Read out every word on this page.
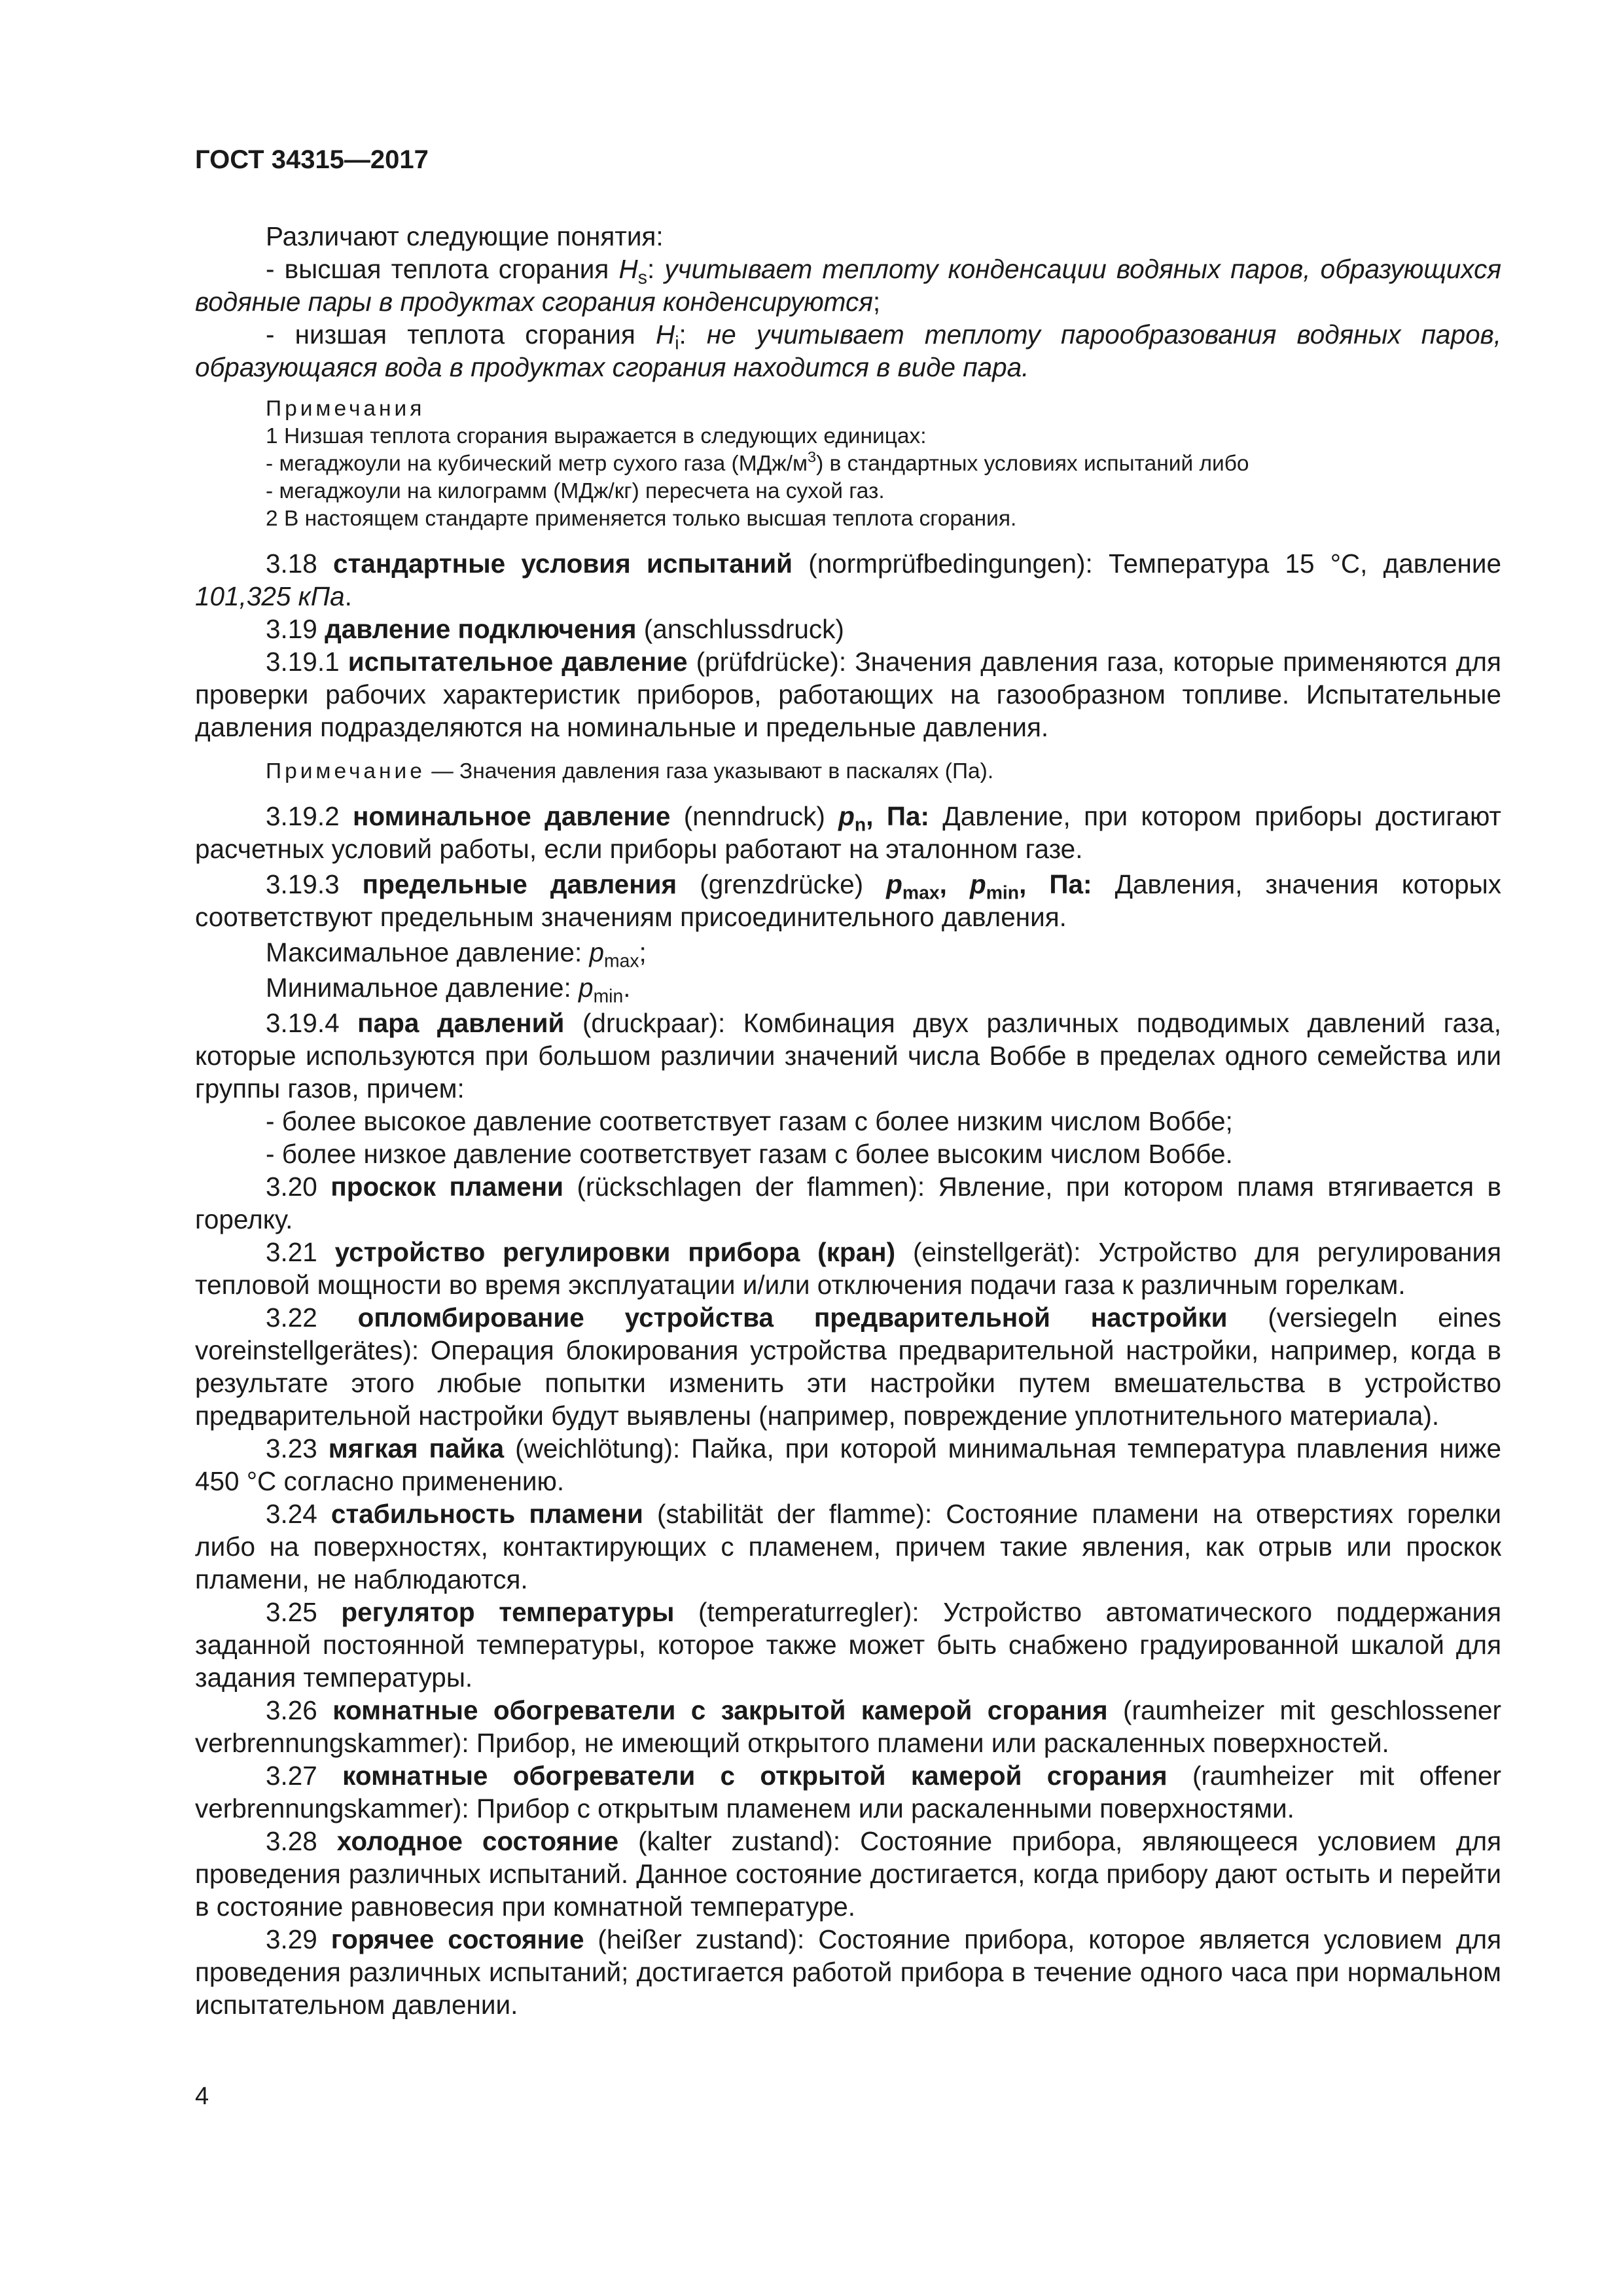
ГОСТ 34315—2017

Различают следующие понятия:

- высшая теплота сгорания $H_s$: учитывает теплоту конденсации водяных паров, образующихся водяные пары в продуктах сгорания конденсируются;

- низшая теплота сгорания $H_i$: не учитывает теплоту парообразования водяных паров, образующаяся вода в продуктах сгорания находится в виде пара.

Примечания

1 Низшая теплота сгорания выражается в следующих единицах:

- мегаджоули на кубический метр сухого газа $(МДж/м^3)$ в стандартных условиях испытаний либо

- мегаджоули на килограмм (МДж/кг) пересчета на сухой газ.

2 В настоящем стандарте применяется только высшая теплота сгорания.

3.18 стандартные условия испытаний (normprüfbedingungen): Температура 15 °С, давление 101,325 кПа.

3.19 давление подключения (anschlussdruck)

3.19.1 испытательное давление (prüfdrücke): Значения давления газа, которые применяются для проверки рабочих характеристик приборов, работающих на газообразном топливе. Испытательные давления подразделяются на номинальные и предельные давления.

Примечание — Значения давления газа указывают в паскалях (Па).

3.19.2 номинальное давление (nenndruck) $p_n$, Па: Давление, при котором приборы достигают расчетных условий работы, если приборы работают на эталонном газе.

3.19.3 предельные давления (grenzdrücke) $p_{max}$, $p_{min}$, Па: Давления, значения которых соответствуют предельным значениям присоединительного давления.

Максимальное давление: $p_{max}$;

Минимальное давление: $p_{min}$.

3.19.4 пара давлений (druckpaar): Комбинация двух различных подводимых давлений газа, которые используются при большом различии значений числа Воббе в пределах одного семейства или группы газов, причем:

- более высокое давление соответствует газам с более низким числом Воббе;

- более низкое давление соответствует газам с более высоким числом Воббе.

3.20 проскок пламени (rückschlagen der flammen): Явление, при котором пламя втягивается в горелку.

3.21 устройство регулировки прибора (кран) (einstellgerät): Устройство для регулирования тепловой мощности во время эксплуатации и/или отключения подачи газа к различным горелкам.

3.22 опломбирование устройства предварительной настройки (versiegeln eines voreinstellgerätes): Операция блокирования устройства предварительной настройки, например, когда в результате этого любые попытки изменить эти настройки путем вмешательства в устройство предварительной настройки будут выявлены (например, повреждение уплотнительного материала).

3.23 мягкая пайка (weichlötung): Пайка, при которой минимальная температура плавления ниже 450 °С согласно применению.

3.24 стабильность пламени (stabilität der flamme): Состояние пламени на отверстиях горелки либо на поверхностях, контактирующих с пламенем, причем такие явления, как отрыв или проскок пламени, не наблюдаются.

3.25 регулятор температуры (temperaturregler): Устройство автоматического поддержания заданной постоянной температуры, которое также может быть снабжено градуированной шкалой для задания температуры.

3.26 комнатные обогреватели с закрытой камерой сгорания (raumheizer mit geschlossener verbrennungskammer): Прибор, не имеющий открытого пламени или раскаленных поверхностей.

3.27 комнатные обогреватели с открытой камерой сгорания (raumheizer mit offener verbrennungskammer): Прибор с открытым пламенем или раскаленными поверхностями.

3.28 холодное состояние (kalter zustand): Состояние прибора, являющееся условием для проведения различных испытаний. Данное состояние достигается, когда прибору дают остыть и перейти в состояние равновесия при комнатной температуре.

3.29 горячее состояние (heißer zustand): Состояние прибора, которое является условием для проведения различных испытаний; достигается работой прибора в течение одного часа при нормальном испытательном давлении.

4
